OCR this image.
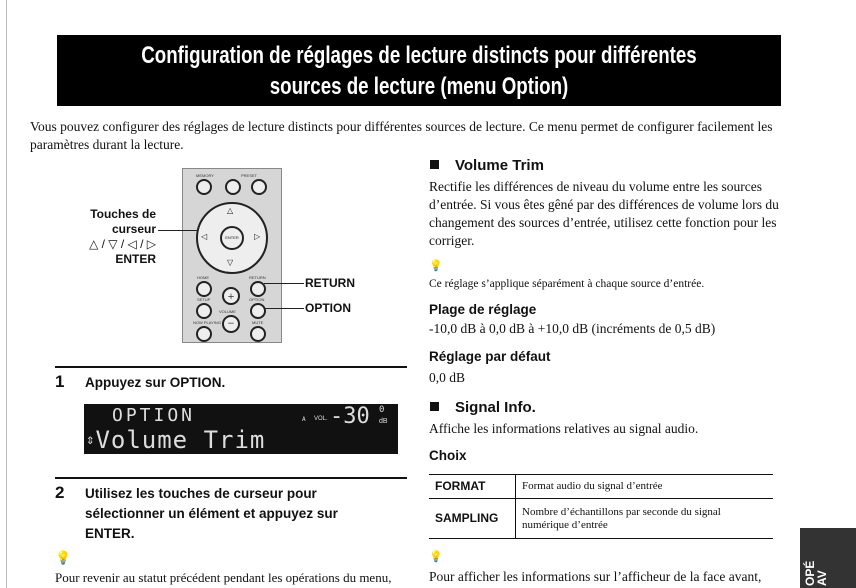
Configuration de réglages de lecture distincts pour différentes
sources de lecture (menu Option)
Vous pouvez configurer des réglages de lecture distincts pour différentes sources de lecture. Ce menu permet de configurer facilement les paramètres durant la lecture.
MEMORY	PRESET
ENTER
△
▽
◁	▷
HOME	RETURN
+
SETUP
VOLUME
OPTION
−
NOW PLAYING	MUTE
Touches de
curseur
△ / ▽ / ◁ / ▷
ENTER
RETURN
OPTION
1 Appuyez sur OPTION.
OPTION
⇕Volume Trim
A VOL. -30 0
dB
2 Utilisez les touches de curseur pour sélectionner un élément et appuyez sur ENTER.
💡
Pour revenir au statut précédent pendant les opérations du menu,
Volume Trim
Rectifie les différences de niveau du volume entre les sources d’entrée. Si vous êtes gêné par des différences de volume lors du changement des sources d’entrée, utilisez cette fonction pour les corriger.
💡
Ce réglage s’applique séparément à chaque source d’entrée.
Plage de réglage
-10,0 dB à 0,0 dB à +10,0 dB (incréments de 0,5 dB)
Réglage par défaut
0,0 dB
Signal Info.
Affiche les informations relatives au signal audio.
Choix
FORMAT	Format audio du signal d’entrée
SAMPLING	Nombre d’échantillons par seconde du signal numérique d’entrée
💡
Pour afficher les informations sur l’afficheur de la face avant,	OPÉ
AV
